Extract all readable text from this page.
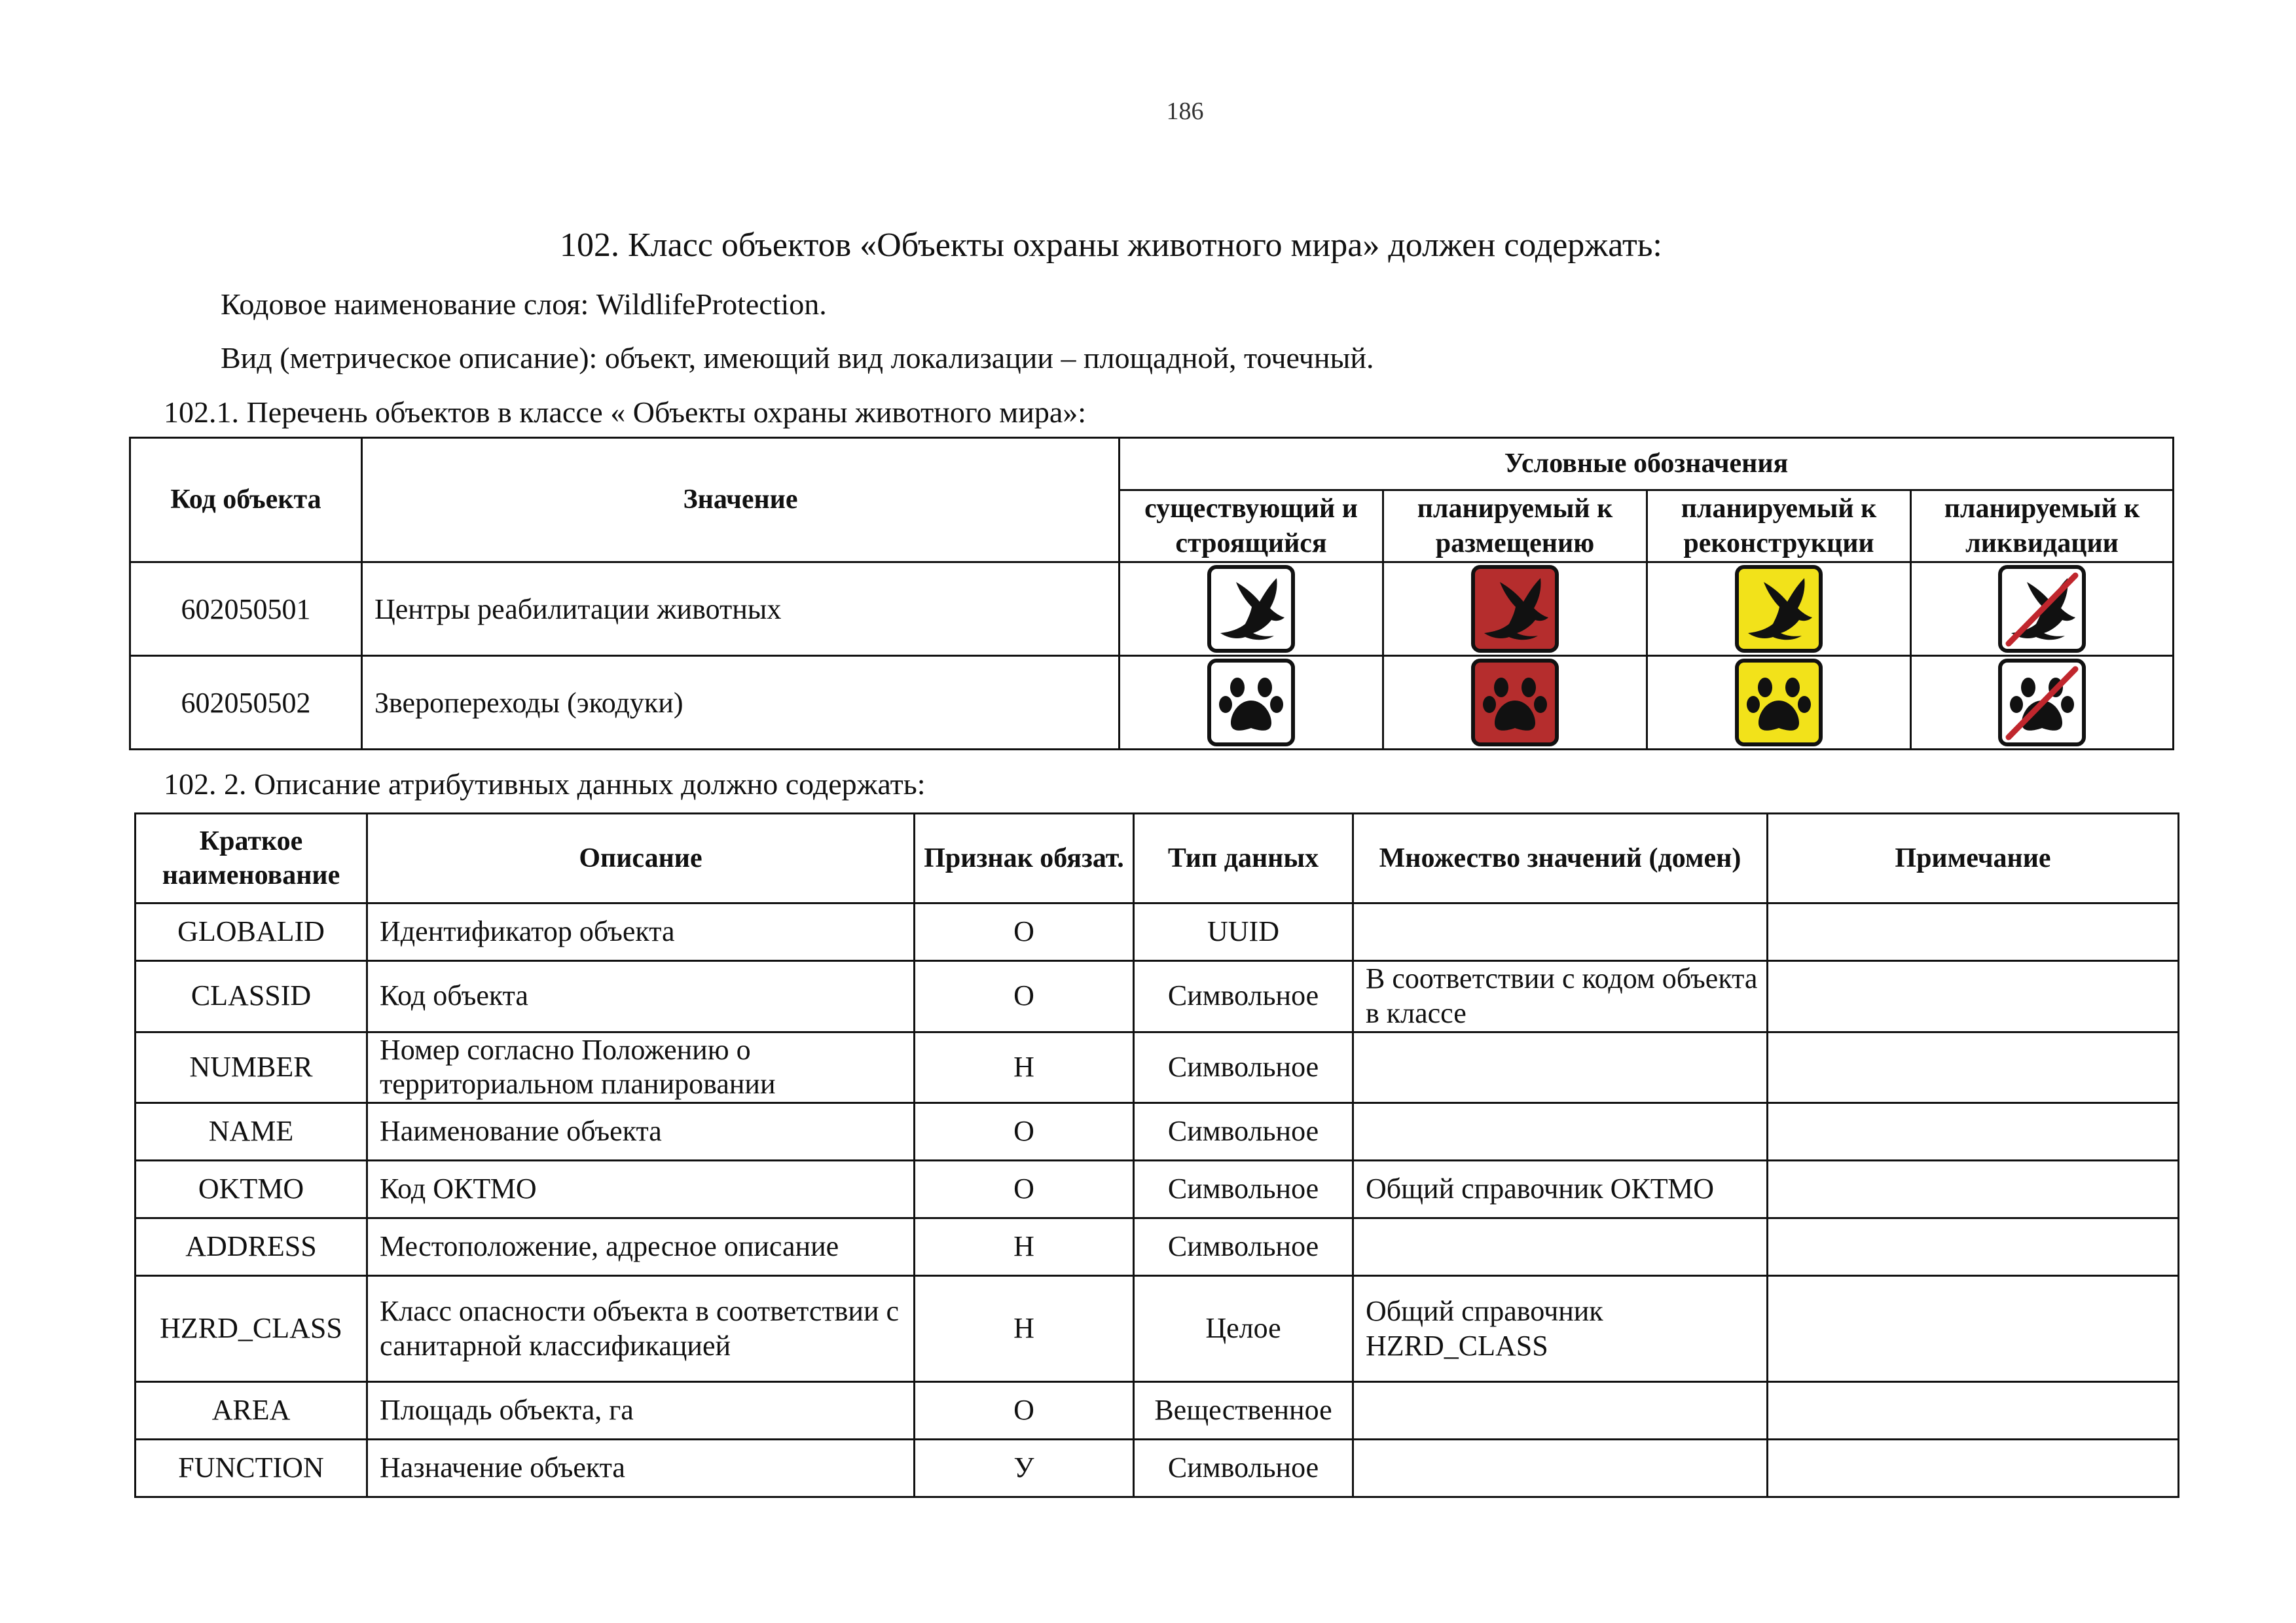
186
102. Класс объектов «Объекты охраны животного мира» должен содержать:
Кодовое наименование слоя: WildlifeProtection.
Вид (метрическое описание): объект, имеющий вид локализации – площадной, точечный.
102.1. Перечень объектов в классе « Объекты охраны животного мира»:
Код объекта	Значение	Условные обозначения			
		существующий и строящийся	планируемый к размещению	планируемый к реконструкции	планируемый к ликвидации
602050501	Центры реабилитации животных	

602050502	Зверопереходы (экодуки)	

102. 2. Описание атрибутивных данных должно содержать:
Краткое наименование	Описание	Признак обязат.	Тип данных	Множество значений (домен)	Примечание
GLOBALID	Идентификатор объекта	О	UUID		
CLASSID	Код объекта	О	Символьное	В соответствии с кодом объекта в классе	
NUMBER	Номер согласно Положению о территориальном планировании	Н	Символьное		
NAME	Наименование объекта	О	Символьное		
OKTMO	Код ОКТМО	О	Символьное	Общий справочник ОКТМО	
ADDRESS	Местоположение, адресное описание	Н	Символьное		
HZRD_CLASS	Класс опасности объекта в соответствии с санитарной классификацией	Н	Целое	Общий справочник HZRD_CLASS	
AREA	Площадь объекта, га	О	Вещественное		
FUNCTION	Назначение объекта	У	Символьное		
